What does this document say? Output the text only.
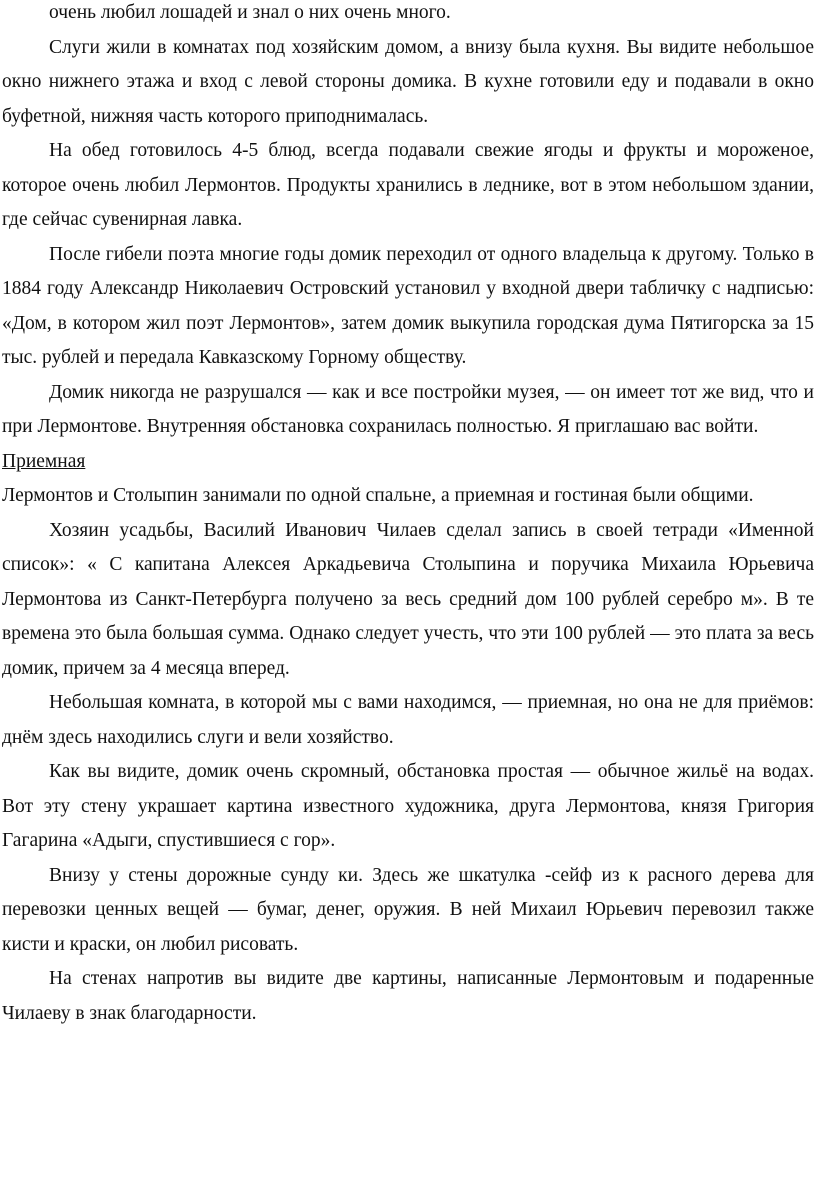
очень любил лошадей и знал о них очень много.

Слуги жили в комнатах под хозяйским домом, а внизу была кухня. Вы видите небольшое окно нижнего этажа и вход с левой стороны домика. В кухне готовили еду и подавали в окно буфетной, нижняя часть которого приподнималась.

На обед готовилось 4-5 блюд, всегда подавали свежие ягоды и фрукты и мороженое, которое очень любил Лермонтов. Продукты хранились в леднике, вот в этом небольшом здании, где сейчас сувенирная лавка.

После гибели поэта многие годы домик переходил от одного владельца к другому. Только в 1884 году Александр Николаевич Островский установил у входной двери табличку с надписью: «Дом, в котором жил поэт Лермонтов», затем домик выкупила городская дума Пятигорска за 15 тыс. рублей и передала Кавказскому Горному обществу.

Домик никогда не разрушался — как и все постройки музея, — он имеет тот же вид, что и при Лермонтове. Внутренняя обстановка сохранилась полностью. Я приглашаю вас войти.

Приемная

Лермонтов и Столыпин занимали по одной спальне, а приемная и гостиная были общими.

Хозяин усадьбы, Василий Иванович Чилаев сделал запись в своей тетради «Именной список»: « С капитана Алексея Аркадьевича Столыпина и поручика Михаила Юрьевича Лермонтова из Санкт-Петербурга получено за весь средний дом 100 рублей серебро м». В те времена это была большая сумма. Однако следует учесть, что эти 100 рублей — это плата за весь домик, причем за 4 месяца вперед.

Небольшая комната, в которой мы с вами находимся, — приемная, но она не для приёмов: днём здесь находились слуги и вели хозяйство.

Как вы видите, домик очень скромный, обстановка простая — обычное жильё на водах. Вот эту стену украшает картина известного художника, друга Лермонтова, князя Григория Гагарина «Адыги, спустившиеся с гор».

Внизу у стены дорожные сунду ки. Здесь же шкатулка -сейф из к расного дерева для перевозки ценных вещей — бумаг, денег, оружия. В ней Михаил Юрьевич перевозил также кисти и краски, он любил рисовать.

На стенах напротив вы видите две картины, написанные Лермонтовым и подаренные Чилаеву в знак благодарности.
